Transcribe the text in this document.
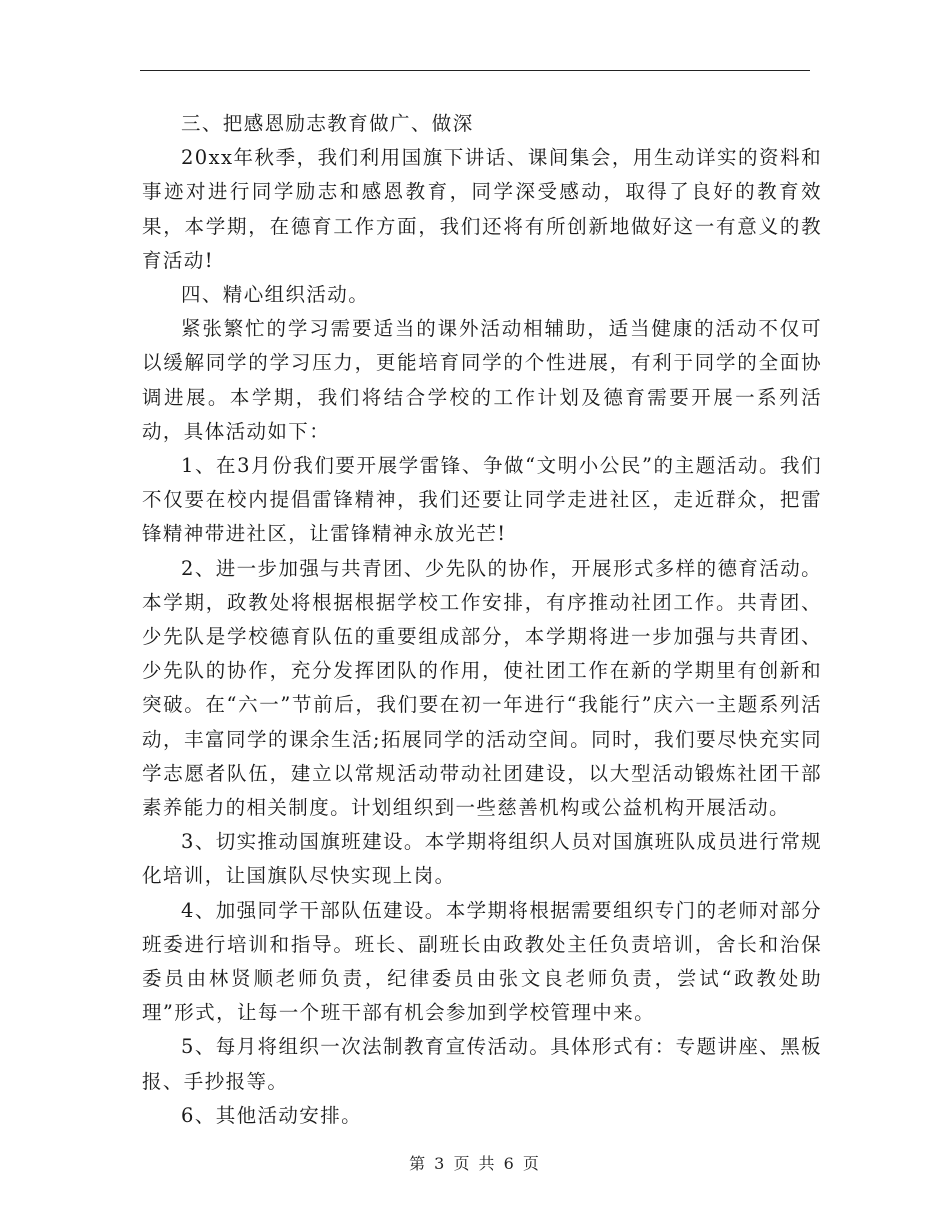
三、把感恩励志教育做广、做深

20xx年秋季，我们利用国旗下讲话、课间集会，用生动详实的资料和事迹对进行同学励志和感恩教育，同学深受感动，取得了良好的教育效果，本学期，在德育工作方面，我们还将有所创新地做好这一有意义的教育活动!

四、精心组织活动。

紧张繁忙的学习需要适当的课外活动相辅助，适当健康的活动不仅可以缓解同学的学习压力，更能培育同学的个性进展，有利于同学的全面协调进展。本学期，我们将结合学校的工作计划及德育需要开展一系列活动，具体活动如下：

1、在3月份我们要开展学雷锋、争做“文明小公民”的主题活动。我们不仅要在校内提倡雷锋精神，我们还要让同学走进社区，走近群众，把雷锋精神带进社区，让雷锋精神永放光芒!

2、进一步加强与共青团、少先队的协作，开展形式多样的德育活动。本学期，政教处将根据根据学校工作安排，有序推动社团工作。共青团、少先队是学校德育队伍的重要组成部分，本学期将进一步加强与共青团、少先队的协作，充分发挥团队的作用，使社团工作在新的学期里有创新和突破。在“六一”节前后，我们要在初一年进行“我能行”庆六一主题系列活动，丰富同学的课余生活;拓展同学的活动空间。同时，我们要尽快充实同学志愿者队伍，建立以常规活动带动社团建设，以大型活动锻炼社团干部素养能力的相关制度。计划组织到一些慈善机构或公益机构开展活动。

3、切实推动国旗班建设。本学期将组织人员对国旗班队成员进行常规化培训，让国旗队尽快实现上岗。

4、加强同学干部队伍建设。本学期将根据需要组织专门的老师对部分班委进行培训和指导。班长、副班长由政教处主任负责培训，舍长和治保委员由林贤顺老师负责，纪律委员由张文良老师负责，尝试“政教处助理”形式，让每一个班干部有机会参加到学校管理中来。

5、每月将组织一次法制教育宣传活动。具体形式有：专题讲座、黑板报、手抄报等。

6、其他活动安排。

第 3 页 共 6 页
